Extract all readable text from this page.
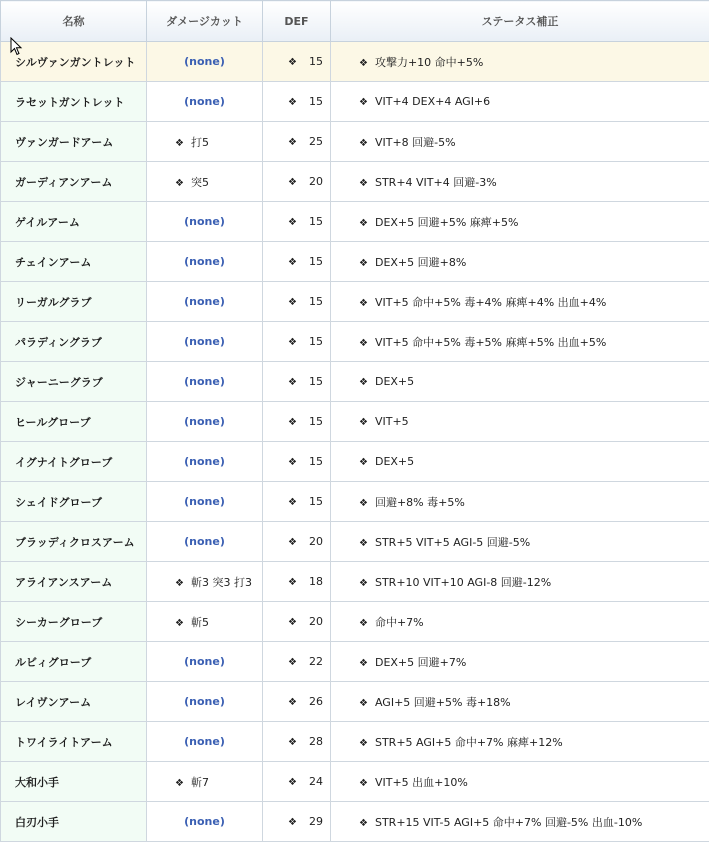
名称	ダメージカット	DEF	ステータス補正
シルヴァンガントレット	(none)	❖ 15	❖ 攻撃力+10 命中+5%
ラセットガントレット	(none)	❖ 15	❖ VIT+4 DEX+4 AGI+6
ヴァンガードアーム	❖ 打5	❖ 25	❖ VIT+8 回避-5%
ガーディアンアーム	❖ 突5	❖ 20	❖ STR+4 VIT+4 回避-3%
ゲイルアーム	(none)	❖ 15	❖ DEX+5 回避+5% 麻痺+5%
チェインアーム	(none)	❖ 15	❖ DEX+5 回避+8%
リーガルグラブ	(none)	❖ 15	❖ VIT+5 命中+5% 毒+4% 麻痺+4% 出血+4%
パラディングラブ	(none)	❖ 15	❖ VIT+5 命中+5% 毒+5% 麻痺+5% 出血+5%
ジャーニーグラブ	(none)	❖ 15	❖ DEX+5
ヒールグローブ	(none)	❖ 15	❖ VIT+5
イグナイトグローブ	(none)	❖ 15	❖ DEX+5
シェイドグローブ	(none)	❖ 15	❖ 回避+8% 毒+5%
ブラッディクロスアーム	(none)	❖ 20	❖ STR+5 VIT+5 AGI-5 回避-5%
アライアンスアーム	❖ 斬3 突3 打3	❖ 18	❖ STR+10 VIT+10 AGI-8 回避-12%
シーカーグローブ	❖ 斬5	❖ 20	❖ 命中+7%
ルビィグローブ	(none)	❖ 22	❖ DEX+5 回避+7%
レイヴンアーム	(none)	❖ 26	❖ AGI+5 回避+5% 毒+18%
トワイライトアーム	(none)	❖ 28	❖ STR+5 AGI+5 命中+7% 麻痺+12%
大和小手	❖ 斬7	❖ 24	❖ VIT+5 出血+10%
白刃小手	(none)	❖ 29	❖ STR+15 VIT-5 AGI+5 命中+7% 回避-5% 出血-10%
